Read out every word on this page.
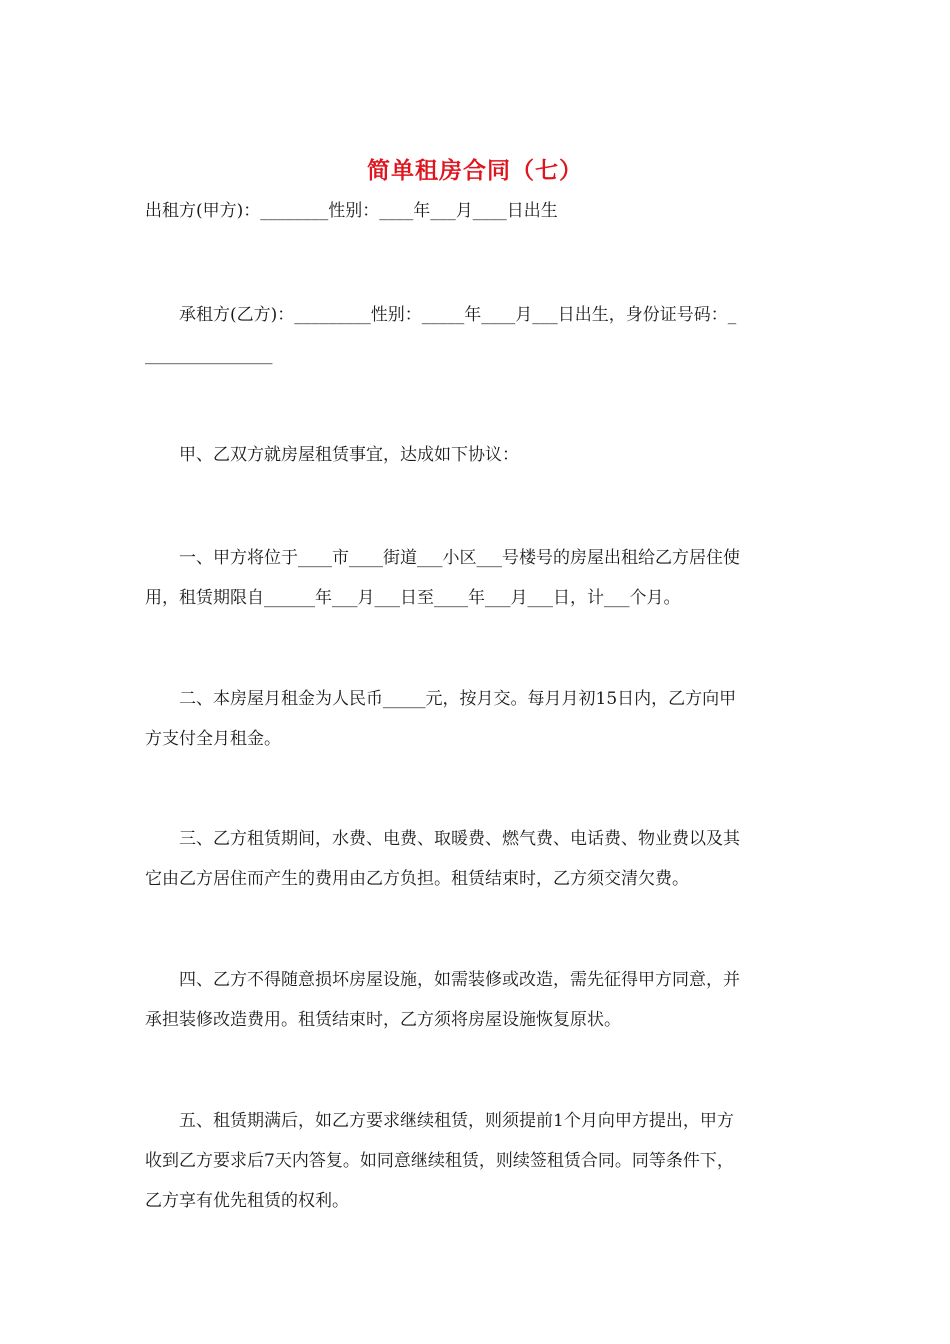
简单租房合同（七）
出租方(甲方)：________性别：____年___月____日出生
　　承租方(乙方)：_________性别：_____年____月___日出生，身份证号码：_
_______________
　　甲、乙双方就房屋租赁事宜，达成如下协议：
　　一、甲方将位于____市____街道___小区___号楼号的房屋出租给乙方居住使
用，租赁期限自______年___月___日至____年___月___日，计___个月。
　　二、本房屋月租金为人民币_____元，按月交。每月月初15日内，乙方向甲
方支付全月租金。
　　三、乙方租赁期间，水费、电费、取暖费、燃气费、电话费、物业费以及其
它由乙方居住而产生的费用由乙方负担。租赁结束时，乙方须交清欠费。
　　四、乙方不得随意损坏房屋设施，如需装修或改造，需先征得甲方同意，并
承担装修改造费用。租赁结束时，乙方须将房屋设施恢复原状。
　　五、租赁期满后，如乙方要求继续租赁，则须提前1个月向甲方提出，甲方
收到乙方要求后7天内答复。如同意继续租赁，则续签租赁合同。同等条件下，
乙方享有优先租赁的权利。
